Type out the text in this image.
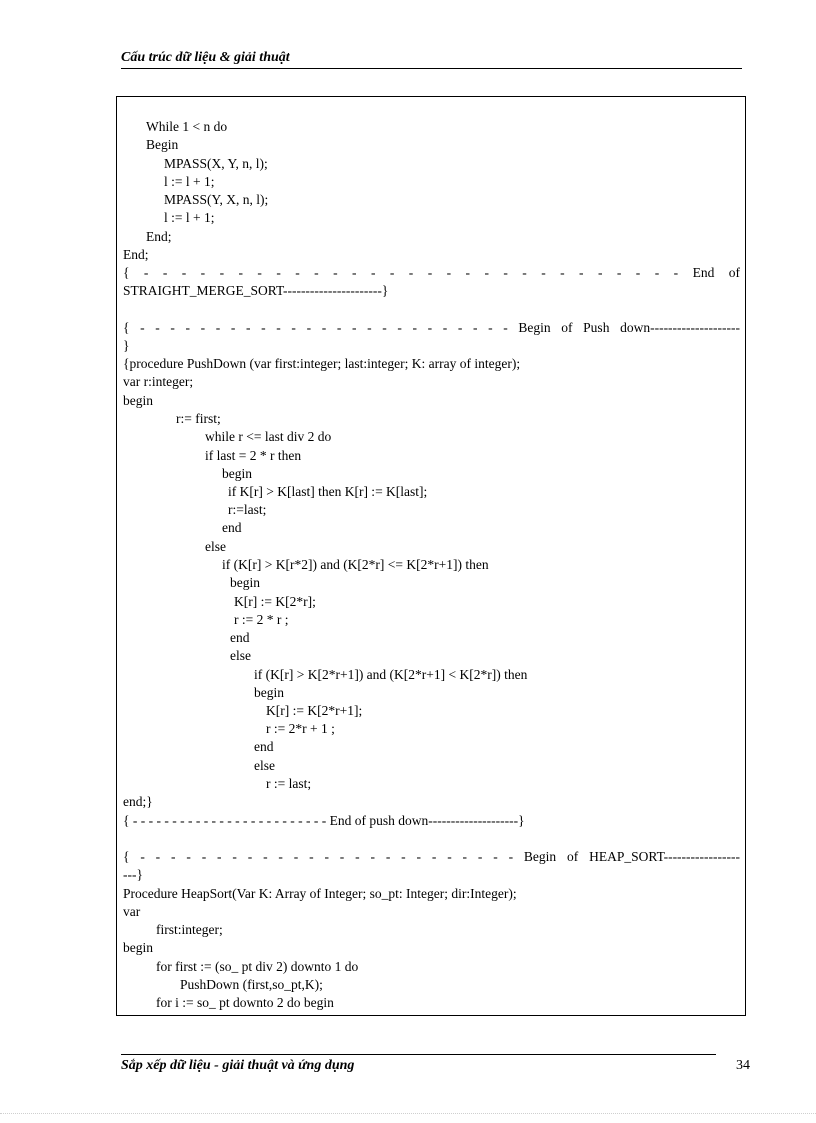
Cấu trúc dữ liệu & giải thuật
While 1 < n do
Begin
MPASS(X, Y, n, l);
l := l + 1;
MPASS(Y, X, n, l);
l := l + 1;
End;
End;
{ - - - - - - - - - - - - - - - - - - - - - - - - - - - - - End of
STRAIGHT_MERGE_SORT----------------------}
{ - - - - - - - - - - - - - - - - - - - - - - - - - Begin of Push down--------------------
}
{procedure PushDown (var first:integer; last:integer; K: array of integer);
var r:integer;
begin
r:= first;
while r <= last div 2 do
if last = 2 * r then
begin
if K[r] > K[last] then K[r] := K[last];
r:=last;
end
else
if (K[r] > K[r*2]) and (K[2*r] <= K[2*r+1]) then
begin
K[r] := K[2*r];
r := 2 * r ;
end
else
if (K[r] > K[2*r+1]) and (K[2*r+1] < K[2*r]) then
begin
K[r] := K[2*r+1];
r := 2*r + 1 ;
end
else
r := last;
end;}
{ - - - - - - - - - - - - - - - - - - - - - - - - - End of push down--------------------}
{ - - - - - - - - - - - - - - - - - - - - - - - - - Begin of HEAP_SORT-----------------
---}
Procedure HeapSort(Var K: Array of Integer; so_pt: Integer; dir:Integer);
var
first:integer;
begin
for first := (so_ pt div 2) downto 1 do
PushDown (first,so_pt,K);
for i := so_ pt downto 2 do begin
Sắp xếp dữ liệu - giải thuật và ứng dụng	34
